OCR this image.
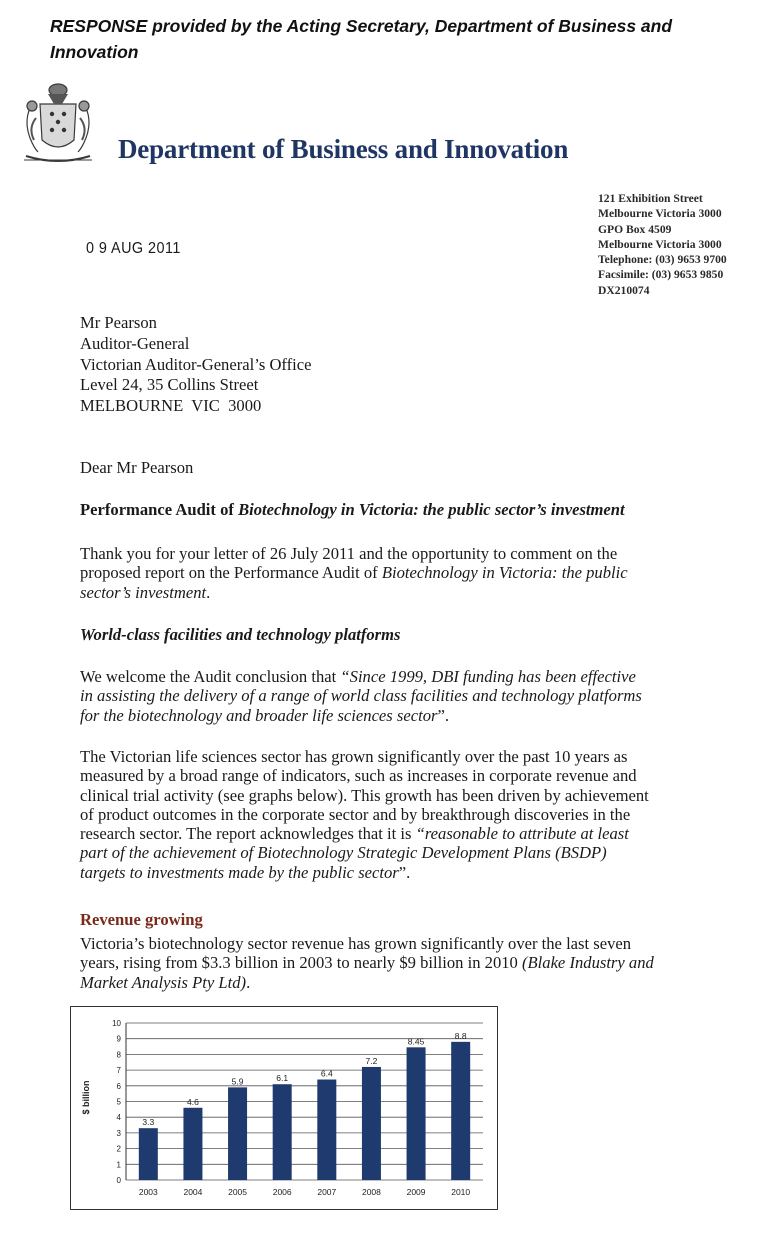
RESPONSE provided by the Acting Secretary, Department of Business and Innovation
Department of Business and Innovation
121 Exhibition Street
Melbourne Victoria 3000
GPO Box 4509
Melbourne Victoria 3000
Telephone: (03) 9653 9700
Facsimile: (03) 9653 9850
DX210074
0 9 AUG 2011
Mr Pearson
Auditor-General
Victorian Auditor-General’s Office
Level 24, 35 Collins Street
MELBOURNE  VIC  3000
Dear Mr Pearson
Performance Audit of Biotechnology in Victoria: the public sector’s investment
Thank you for your letter of 26 July 2011 and the opportunity to comment on the
proposed report on the Performance Audit of Biotechnology in Victoria: the public
sector’s investment.
World-class facilities and technology platforms
We welcome the Audit conclusion that “Since 1999, DBI funding has been effective
in assisting the delivery of a range of world class facilities and technology platforms
for the biotechnology and broader life sciences sector”.
The Victorian life sciences sector has grown significantly over the past 10 years as
measured by a broad range of indicators, such as increases in corporate revenue and
clinical trial activity (see graphs below). This growth has been driven by achievement
of product outcomes in the corporate sector and by breakthrough discoveries in the
research sector. The report acknowledges that it is “reasonable to attribute at least
part of the achievement of Biotechnology Strategic Development Plans (BSDP)
targets to investments made by the public sector”.
Revenue growing
Victoria’s biotechnology sector revenue has grown significantly over the last seven
years, rising from $3.3 billion in 2003 to nearly $9 billion in 2010 (Blake Industry and
Market Analysis Pty Ltd).
0
1
2
3
4
5
6
7
8
9
10
$ billion
3.3
2003
4.6
2004
5.9
2005
6.1
2006
6.4
2007
7.2
2008
8.45
2009
8.8
2010
